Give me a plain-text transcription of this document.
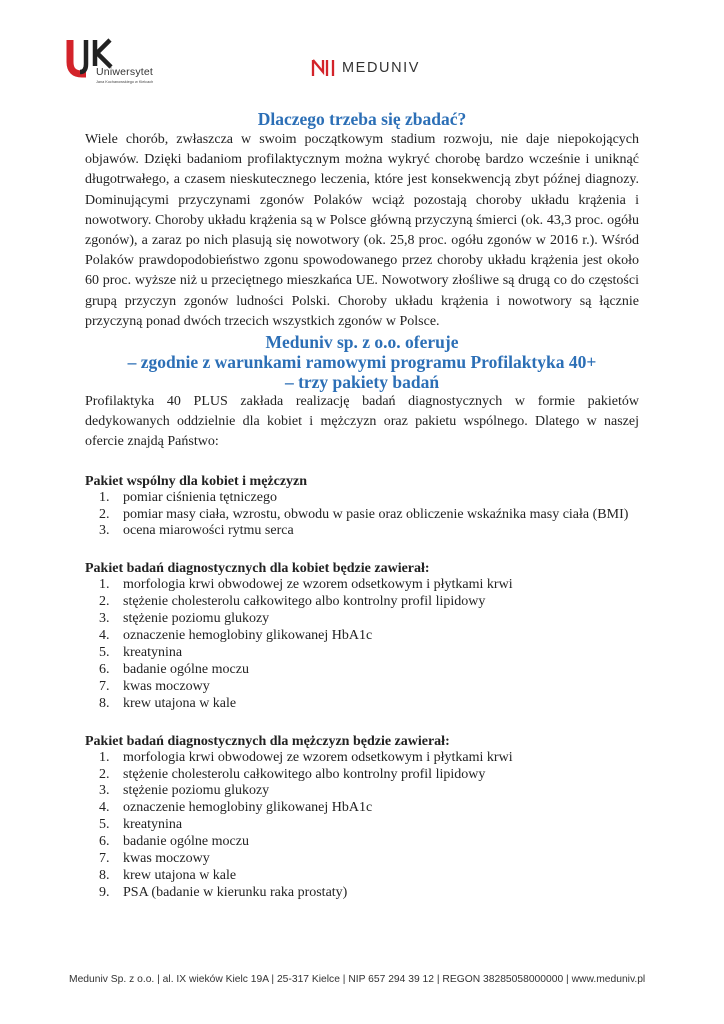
Uniwersytet
Jana Kochanowskiego w Kielcach
MEDUNIV
Dlaczego trzeba się zbadać?

Wiele chorób, zwłaszcza w swoim początkowym stadium rozwoju, nie daje niepokojących objawów. Dzięki badaniom profilaktycznym można wykryć chorobę bardzo wcześnie i uniknąć długotrwałego, a czasem nieskutecznego leczenia, które jest konsekwencją zbyt późnej diagnozy. Dominującymi przyczynami zgonów Polaków wciąż pozostają choroby układu krążenia i nowotwory. Choroby układu krążenia są w Polsce główną przyczyną śmierci (ok. 43,3 proc. ogółu zgonów), a zaraz po nich plasują się nowotwory (ok. 25,8 proc. ogółu zgonów w 2016 r.). Wśród Polaków prawdopodobieństwo zgonu spowodowanego przez choroby układu krążenia jest około 60 proc. wyższe niż u przeciętnego mieszkańca UE. Nowotwory złośliwe są drugą co do częstości grupą przyczyn zgonów ludności Polski. Choroby układu krążenia i nowotwory są łącznie przyczyną ponad dwóch trzecich wszystkich zgonów w Polsce.

Meduniv sp. z o.o. oferuje
– zgodnie z warunkami ramowymi programu Profilaktyka 40+
– trzy pakiety badań

Profilaktyka 40 PLUS zakłada realizację badań diagnostycznych w formie pakietów dedykowanych oddzielnie dla kobiet i mężczyzn oraz pakietu wspólnego. Dlatego w naszej ofercie znajdą Państwo:

Pakiet wspólny dla kobiet i mężczyzn
1. pomiar ciśnienia tętniczego
2. pomiar masy ciała, wzrostu, obwodu w pasie oraz obliczenie wskaźnika masy ciała (BMI)
3. ocena miarowości rytmu serca
Pakiet badań diagnostycznych dla kobiet będzie zawierał:
1. morfologia krwi obwodowej ze wzorem odsetkowym i płytkami krwi
2. stężenie cholesterolu całkowitego albo kontrolny profil lipidowy
3. stężenie poziomu glukozy
4. oznaczenie hemoglobiny glikowanej HbA1c
5. kreatynina
6. badanie ogólne moczu
7. kwas moczowy
8. krew utajona w kale
Pakiet badań diagnostycznych dla mężczyzn będzie zawierał:
1. morfologia krwi obwodowej ze wzorem odsetkowym i płytkami krwi
2. stężenie cholesterolu całkowitego albo kontrolny profil lipidowy
3. stężenie poziomu glukozy
4. oznaczenie hemoglobiny glikowanej HbA1c
5. kreatynina
6. badanie ogólne moczu
7. kwas moczowy
8. krew utajona w kale
9. PSA (badanie w kierunku raka prostaty)
Meduniv Sp. z o.o. | al. IX wieków Kielc 19A | 25-317 Kielce | NIP 657 294 39 12 | REGON 38285058000000 | www.meduniv.pl
